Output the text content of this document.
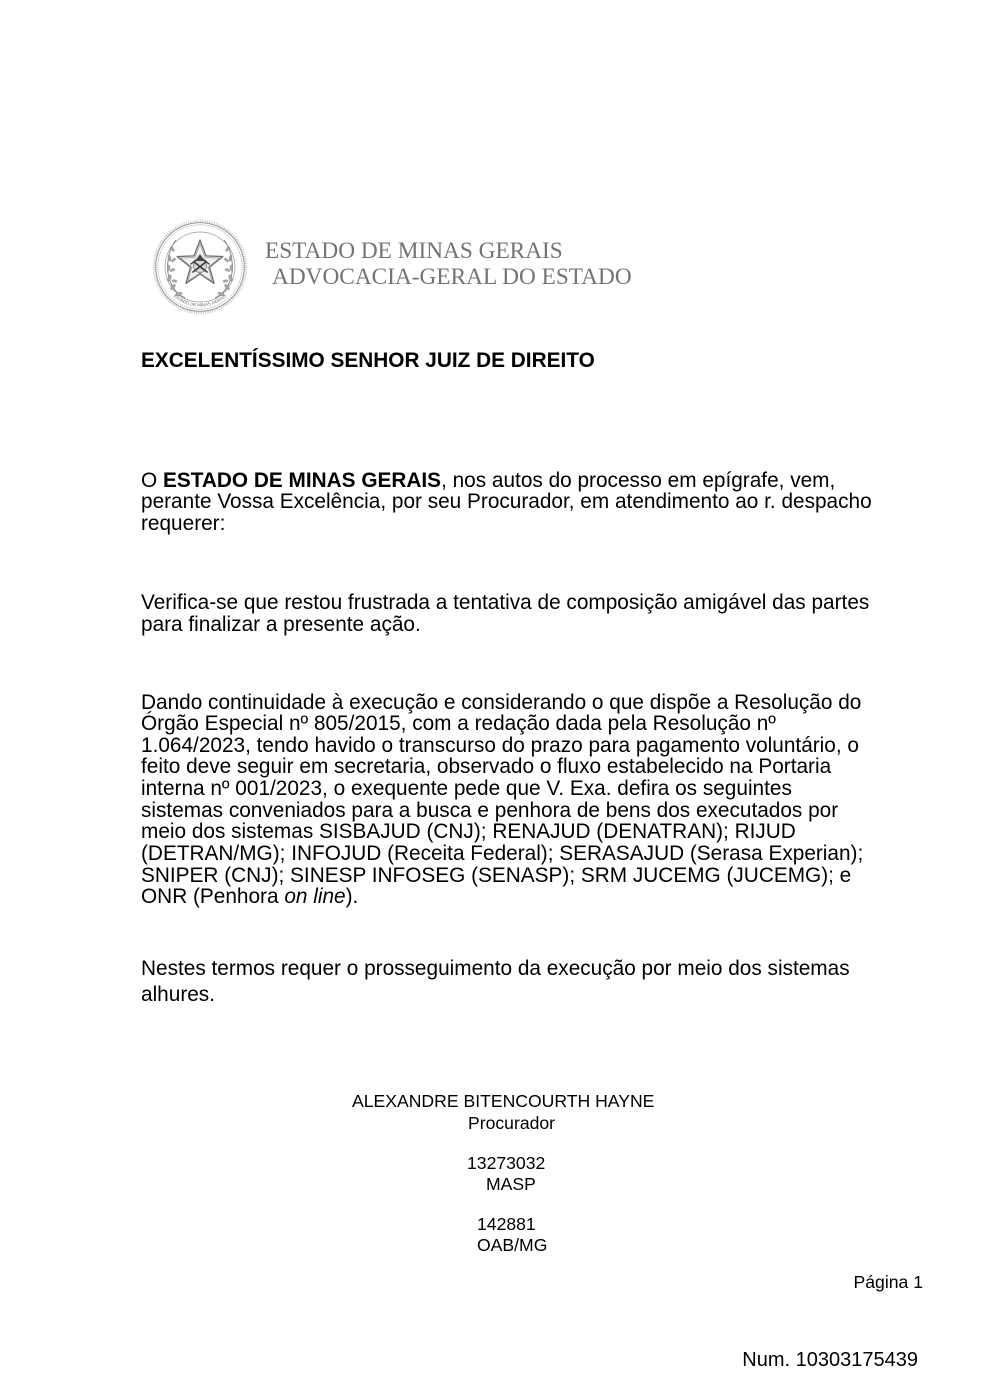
ESTADO DE MINAS GERAIS
ESTADO DE MINAS GERAIS
ADVOCACIA-GERAL DO ESTADO
EXCELENTÍSSIMO SENHOR JUIZ DE DIREITO
O ESTADO DE MINAS GERAIS, nos autos do processo em epígrafe, vem,
perante Vossa Excelência, por seu Procurador, em atendimento ao r. despacho
requerer:
Verifica-se que restou frustrada a tentativa de composição amigável das partes
para finalizar a presente ação.
Dando continuidade à execução e considerando o que dispõe a Resolução do
Órgão Especial nº 805/2015, com a redação dada pela Resolução nº
1.064/2023, tendo havido o transcurso do prazo para pagamento voluntário, o
feito deve seguir em secretaria, observado o fluxo estabelecido na Portaria
interna nº 001/2023, o exequente pede que V. Exa. defira os seguintes
sistemas conveniados para a busca e penhora de bens dos executados por
meio dos sistemas SISBAJUD (CNJ); RENAJUD (DENATRAN); RIJUD
(DETRAN/MG); INFOJUD (Receita Federal); SERASAJUD (Serasa Experian);
SNIPER (CNJ); SINESP INFOSEG (SENASP); SRM JUCEMG (JUCEMG); e
ONR (Penhora on line).
Nestes termos requer o prosseguimento da execução por meio dos sistemas
alhures.
ALEXANDRE BITENCOURTH HAYNE
Procurador
13273032
MASP
142881
OAB/MG
Página 1
Num. 10303175439
